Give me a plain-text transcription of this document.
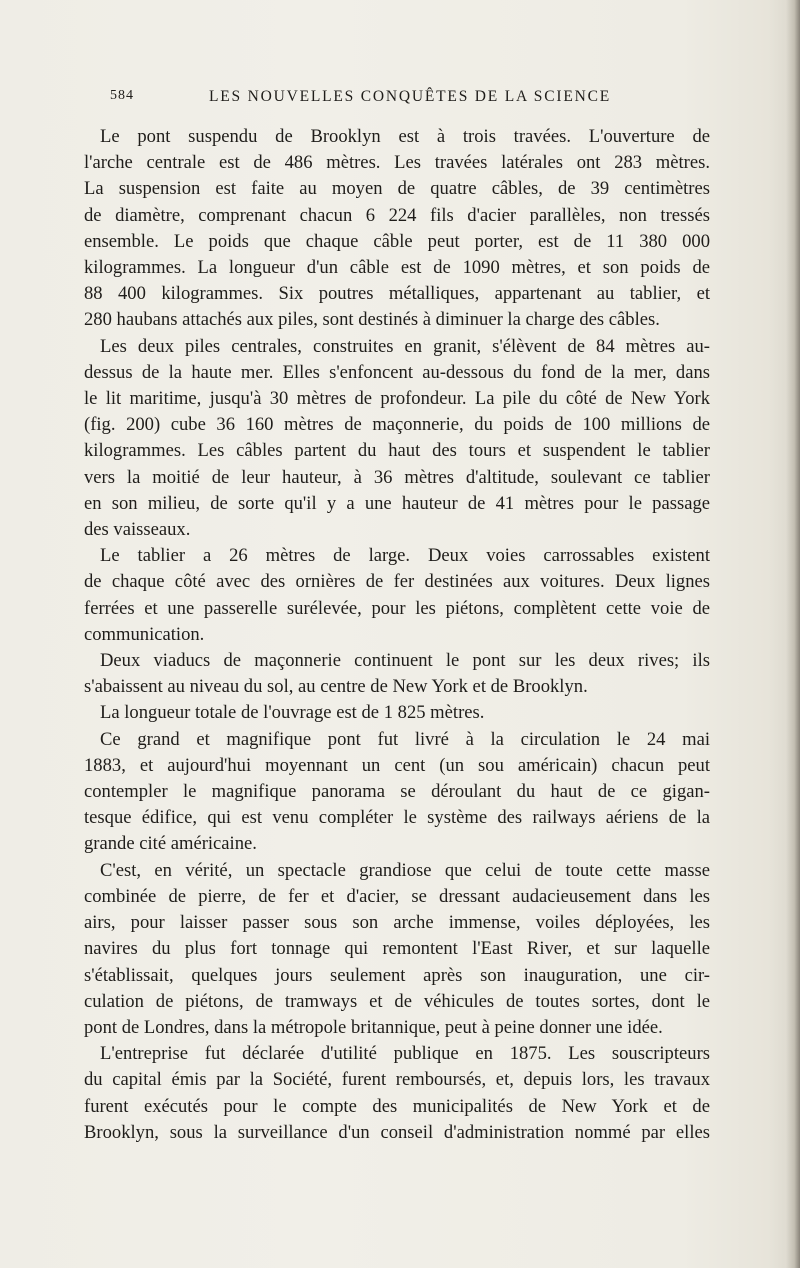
584	LES NOUVELLES CONQUÊTES DE LA SCIENCE
Le pont suspendu de Brooklyn est à trois travées. L'ouverture de
l'arche centrale est de 486 mètres. Les travées latérales ont 283 mètres.
La suspension est faite au moyen de quatre câbles, de 39 centimètres
de diamètre, comprenant chacun 6 224 fils d'acier parallèles, non tressés
ensemble. Le poids que chaque câble peut porter, est de 11 380 000
kilogrammes. La longueur d'un câble est de 1090 mètres, et son poids de
88 400 kilogrammes. Six poutres métalliques, appartenant au tablier, et
280 haubans attachés aux piles, sont destinés à diminuer la charge des câbles.
Les deux piles centrales, construites en granit, s'élèvent de 84 mètres au-
dessus de la haute mer. Elles s'enfoncent au-dessous du fond de la mer, dans
le lit maritime, jusqu'à 30 mètres de profondeur. La pile du côté de New York
(fig. 200) cube 36 160 mètres de maçonnerie, du poids de 100 millions de
kilogrammes. Les câbles partent du haut des tours et suspendent le tablier
vers la moitié de leur hauteur, à 36 mètres d'altitude, soulevant ce tablier
en son milieu, de sorte qu'il y a une hauteur de 41 mètres pour le passage
des vaisseaux.
Le tablier a 26 mètres de large. Deux voies carrossables existent
de chaque côté avec des ornières de fer destinées aux voitures. Deux lignes
ferrées et une passerelle surélevée, pour les piétons, complètent cette voie de
communication.
Deux viaducs de maçonnerie continuent le pont sur les deux rives; ils
s'abaissent au niveau du sol, au centre de New York et de Brooklyn.
La longueur totale de l'ouvrage est de 1 825 mètres.
Ce grand et magnifique pont fut livré à la circulation le 24 mai
1883, et aujourd'hui moyennant un cent (un sou américain) chacun peut
contempler le magnifique panorama se déroulant du haut de ce gigan-
tesque édifice, qui est venu compléter le système des railways aériens de la
grande cité américaine.
C'est, en vérité, un spectacle grandiose que celui de toute cette masse
combinée de pierre, de fer et d'acier, se dressant audacieusement dans les
airs, pour laisser passer sous son arche immense, voiles déployées, les
navires du plus fort tonnage qui remontent l'East River, et sur laquelle
s'établissait, quelques jours seulement après son inauguration, une cir-
culation de piétons, de tramways et de véhicules de toutes sortes, dont le
pont de Londres, dans la métropole britannique, peut à peine donner une idée.
L'entreprise fut déclarée d'utilité publique en 1875. Les souscripteurs
du capital émis par la Société, furent remboursés, et, depuis lors, les travaux
furent exécutés pour le compte des municipalités de New York et de
Brooklyn, sous la surveillance d'un conseil d'administration nommé par elles
